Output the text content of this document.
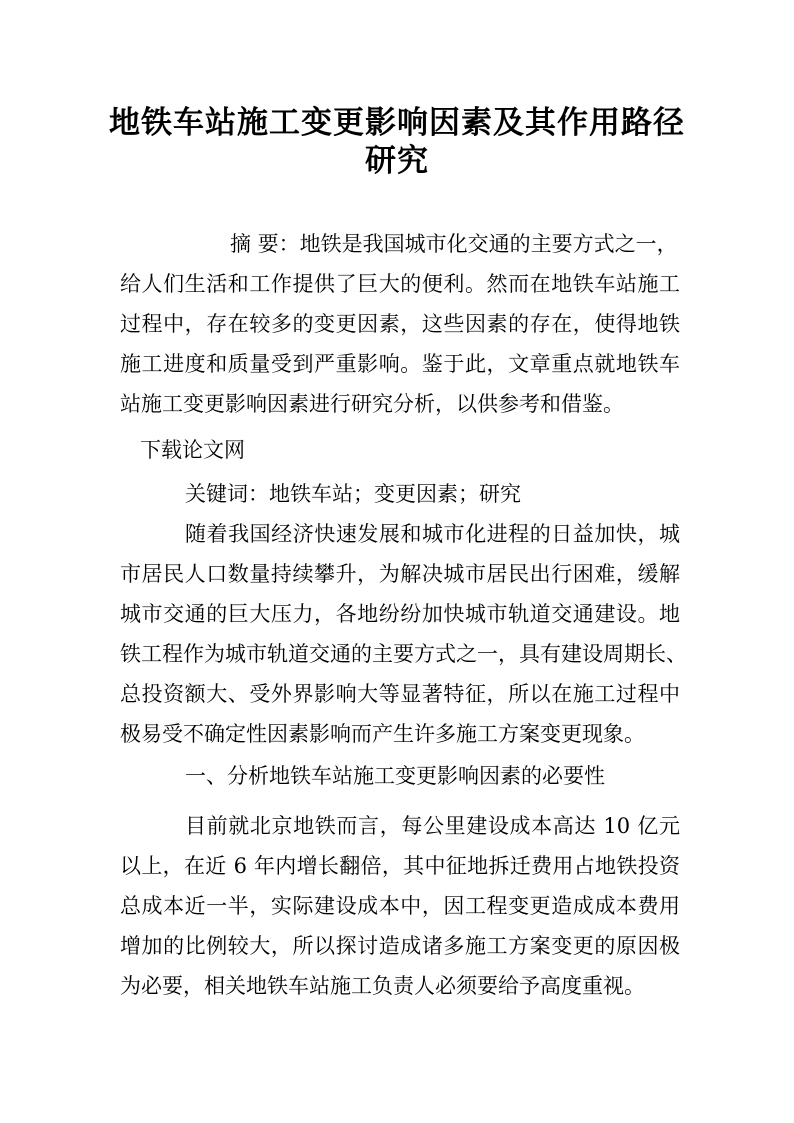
地铁车站施工变更影响因素及其作用路径
研究
摘 要：地铁是我国城市化交通的主要方式之一，
给人们生活和工作提供了巨大的便利。然而在地铁车站施工
过程中，存在较多的变更因素，这些因素的存在，使得地铁
施工进度和质量受到严重影响。鉴于此，文章重点就地铁车
站施工变更影响因素进行研究分析，以供参考和借鉴。
下载论文网
关键词：地铁车站；变更因素；研究
随着我国经济快速发展和城市化进程的日益加快，城
市居民人口数量持续攀升，为解决城市居民出行困难，缓解
城市交通的巨大压力，各地纷纷加快城市轨道交通建设。地
铁工程作为城市轨道交通的主要方式之一，具有建设周期长、
总投资额大、受外界影响大等显著特征，所以在施工过程中
极易受不确定性因素影响而产生许多施工方案变更现象。
一、分析地铁车站施工变更影响因素的必要性
目前就北京地铁而言，每公里建设成本高达 10 亿元
以上，在近 6 年内增长翻倍，其中征地拆迁费用占地铁投资
总成本近一半，实际建设成本中，因工程变更造成成本费用
增加的比例较大，所以探讨造成诸多施工方案变更的原因极
为必要，相关地铁车站施工负责人必须要给予高度重视。
